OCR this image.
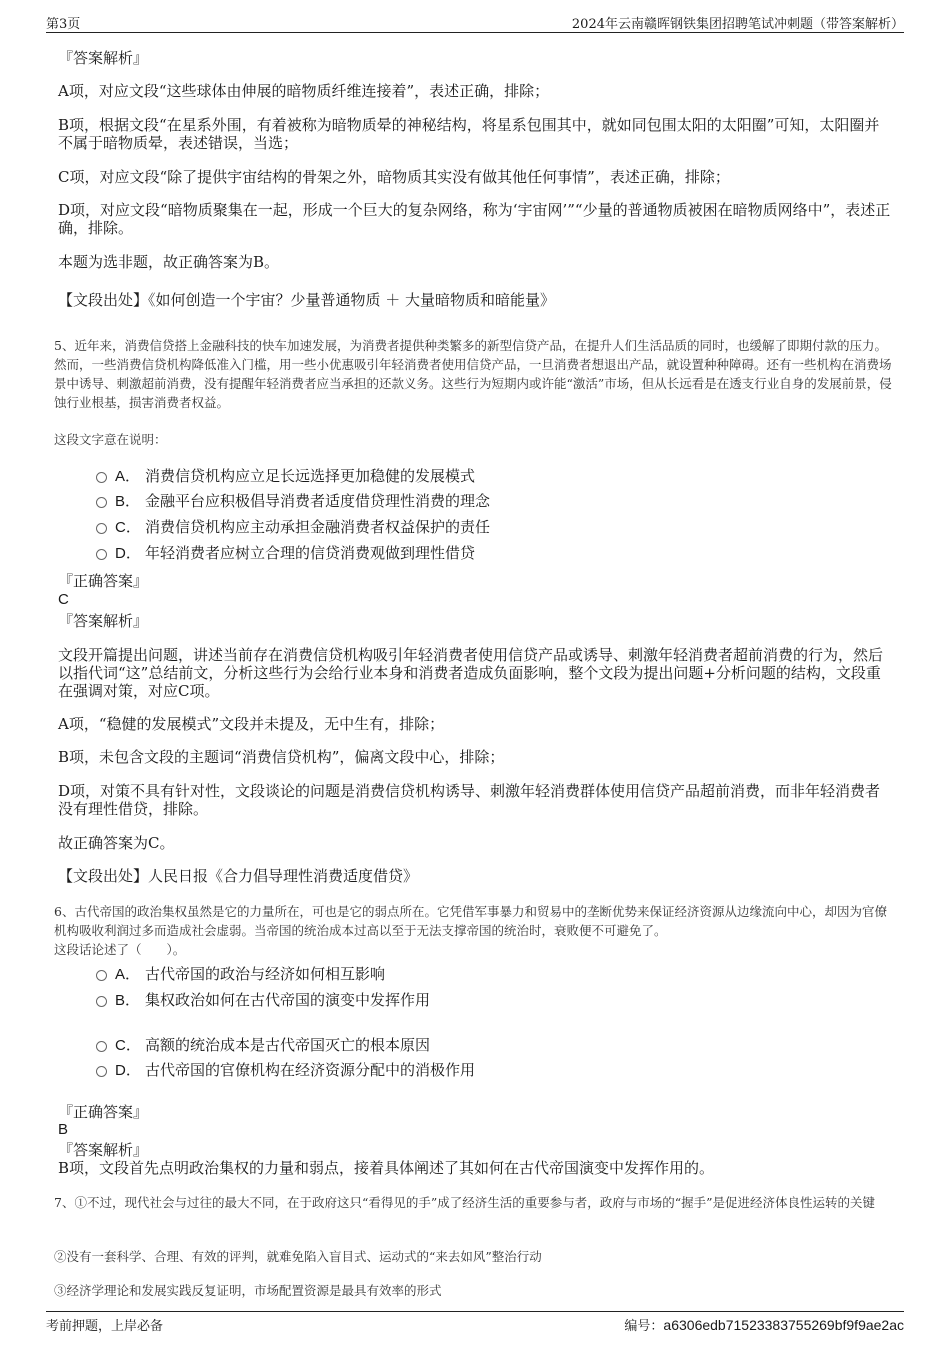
第3页	2024年云南赣晖钢铁集团招聘笔试冲刺题（带答案解析）
『答案解析』
A项，对应文段“这些球体由伸展的暗物质纤维连接着”，表述正确，排除；
B项，根据文段“在星系外围，有着被称为暗物质晕的神秘结构，将星系包围其中，就如同包围太阳的太阳圈”可知，太阳圈并不属于暗物质晕，表述错误，当选；
C项，对应文段“除了提供宇宙结构的骨架之外，暗物质其实没有做其他任何事情”，表述正确，排除；
D项，对应文段“暗物质聚集在一起，形成一个巨大的复杂网络，称为‘宇宙网’”“少量的普通物质被困在暗物质网络中”，表述正确，排除。
本题为选非题，故正确答案为B。
【文段出处】《如何创造一个宇宙？少量普通物质 ＋ 大量暗物质和暗能量》
5、近年来，消费信贷搭上金融科技的快车加速发展，为消费者提供种类繁多的新型信贷产品，在提升人们生活品质的同时，也缓解了即期付款的压力。然而，一些消费信贷机构降低准入门槛，用一些小优惠吸引年轻消费者使用信贷产品，一旦消费者想退出产品，就设置种种障碍。还有一些机构在消费场景中诱导、刺激超前消费，没有提醒年轻消费者应当承担的还款义务。这些行为短期内或许能“激活”市场，但从长远看是在透支行业自身的发展前景，侵蚀行业根基，损害消费者权益。
这段文字意在说明：
A． 消费信贷机构应立足长远选择更加稳健的发展模式
B． 金融平台应积极倡导消费者适度借贷理性消费的理念
C． 消费信贷机构应主动承担金融消费者权益保护的责任
D． 年轻消费者应树立合理的信贷消费观做到理性借贷
『正确答案』
C
『答案解析』
文段开篇提出问题，讲述当前存在消费信贷机构吸引年轻消费者使用信贷产品或诱导、刺激年轻消费者超前消费的行为，然后以指代词“这”总结前文，分析这些行为会给行业本身和消费者造成负面影响，整个文段为提出问题+分析问题的结构，文段重在强调对策，对应C项。
A项，“稳健的发展模式”文段并未提及，无中生有，排除；
B项，未包含文段的主题词“消费信贷机构”，偏离文段中心，排除；
D项，对策不具有针对性，文段谈论的问题是消费信贷机构诱导、刺激年轻消费群体使用信贷产品超前消费，而非年轻消费者没有理性借贷，排除。
故正确答案为C。
【文段出处】人民日报《合力倡导理性消费适度借贷》
6、古代帝国的政治集权虽然是它的力量所在，可也是它的弱点所在。它凭借军事暴力和贸易中的垄断优势来保证经济资源从边缘流向中心，却因为官僚机构吸收利润过多而造成社会虚弱。当帝国的统治成本过高以至于无法支撑帝国的统治时，衰败便不可避免了。
这段话论述了（　　）。
A． 古代帝国的政治与经济如何相互影响
B． 集权政治如何在古代帝国的演变中发挥作用
C． 高额的统治成本是古代帝国灭亡的根本原因
D． 古代帝国的官僚机构在经济资源分配中的消极作用
『正确答案』
B
『答案解析』
B项，文段首先点明政治集权的力量和弱点，接着具体阐述了其如何在古代帝国演变中发挥作用的。
7、①不过，现代社会与过往的最大不同，在于政府这只“看得见的手”成了经济生活的重要参与者，政府与市场的“握手”是促进经济体良性运转的关键
②没有一套科学、合理、有效的评判，就难免陷入盲目式、运动式的“来去如风”整治行动
③经济学理论和发展实践反复证明，市场配置资源是最具有效率的形式
考前押题，上岸必备	编号：a6306edb71523383755269bf9f9ae2ac
